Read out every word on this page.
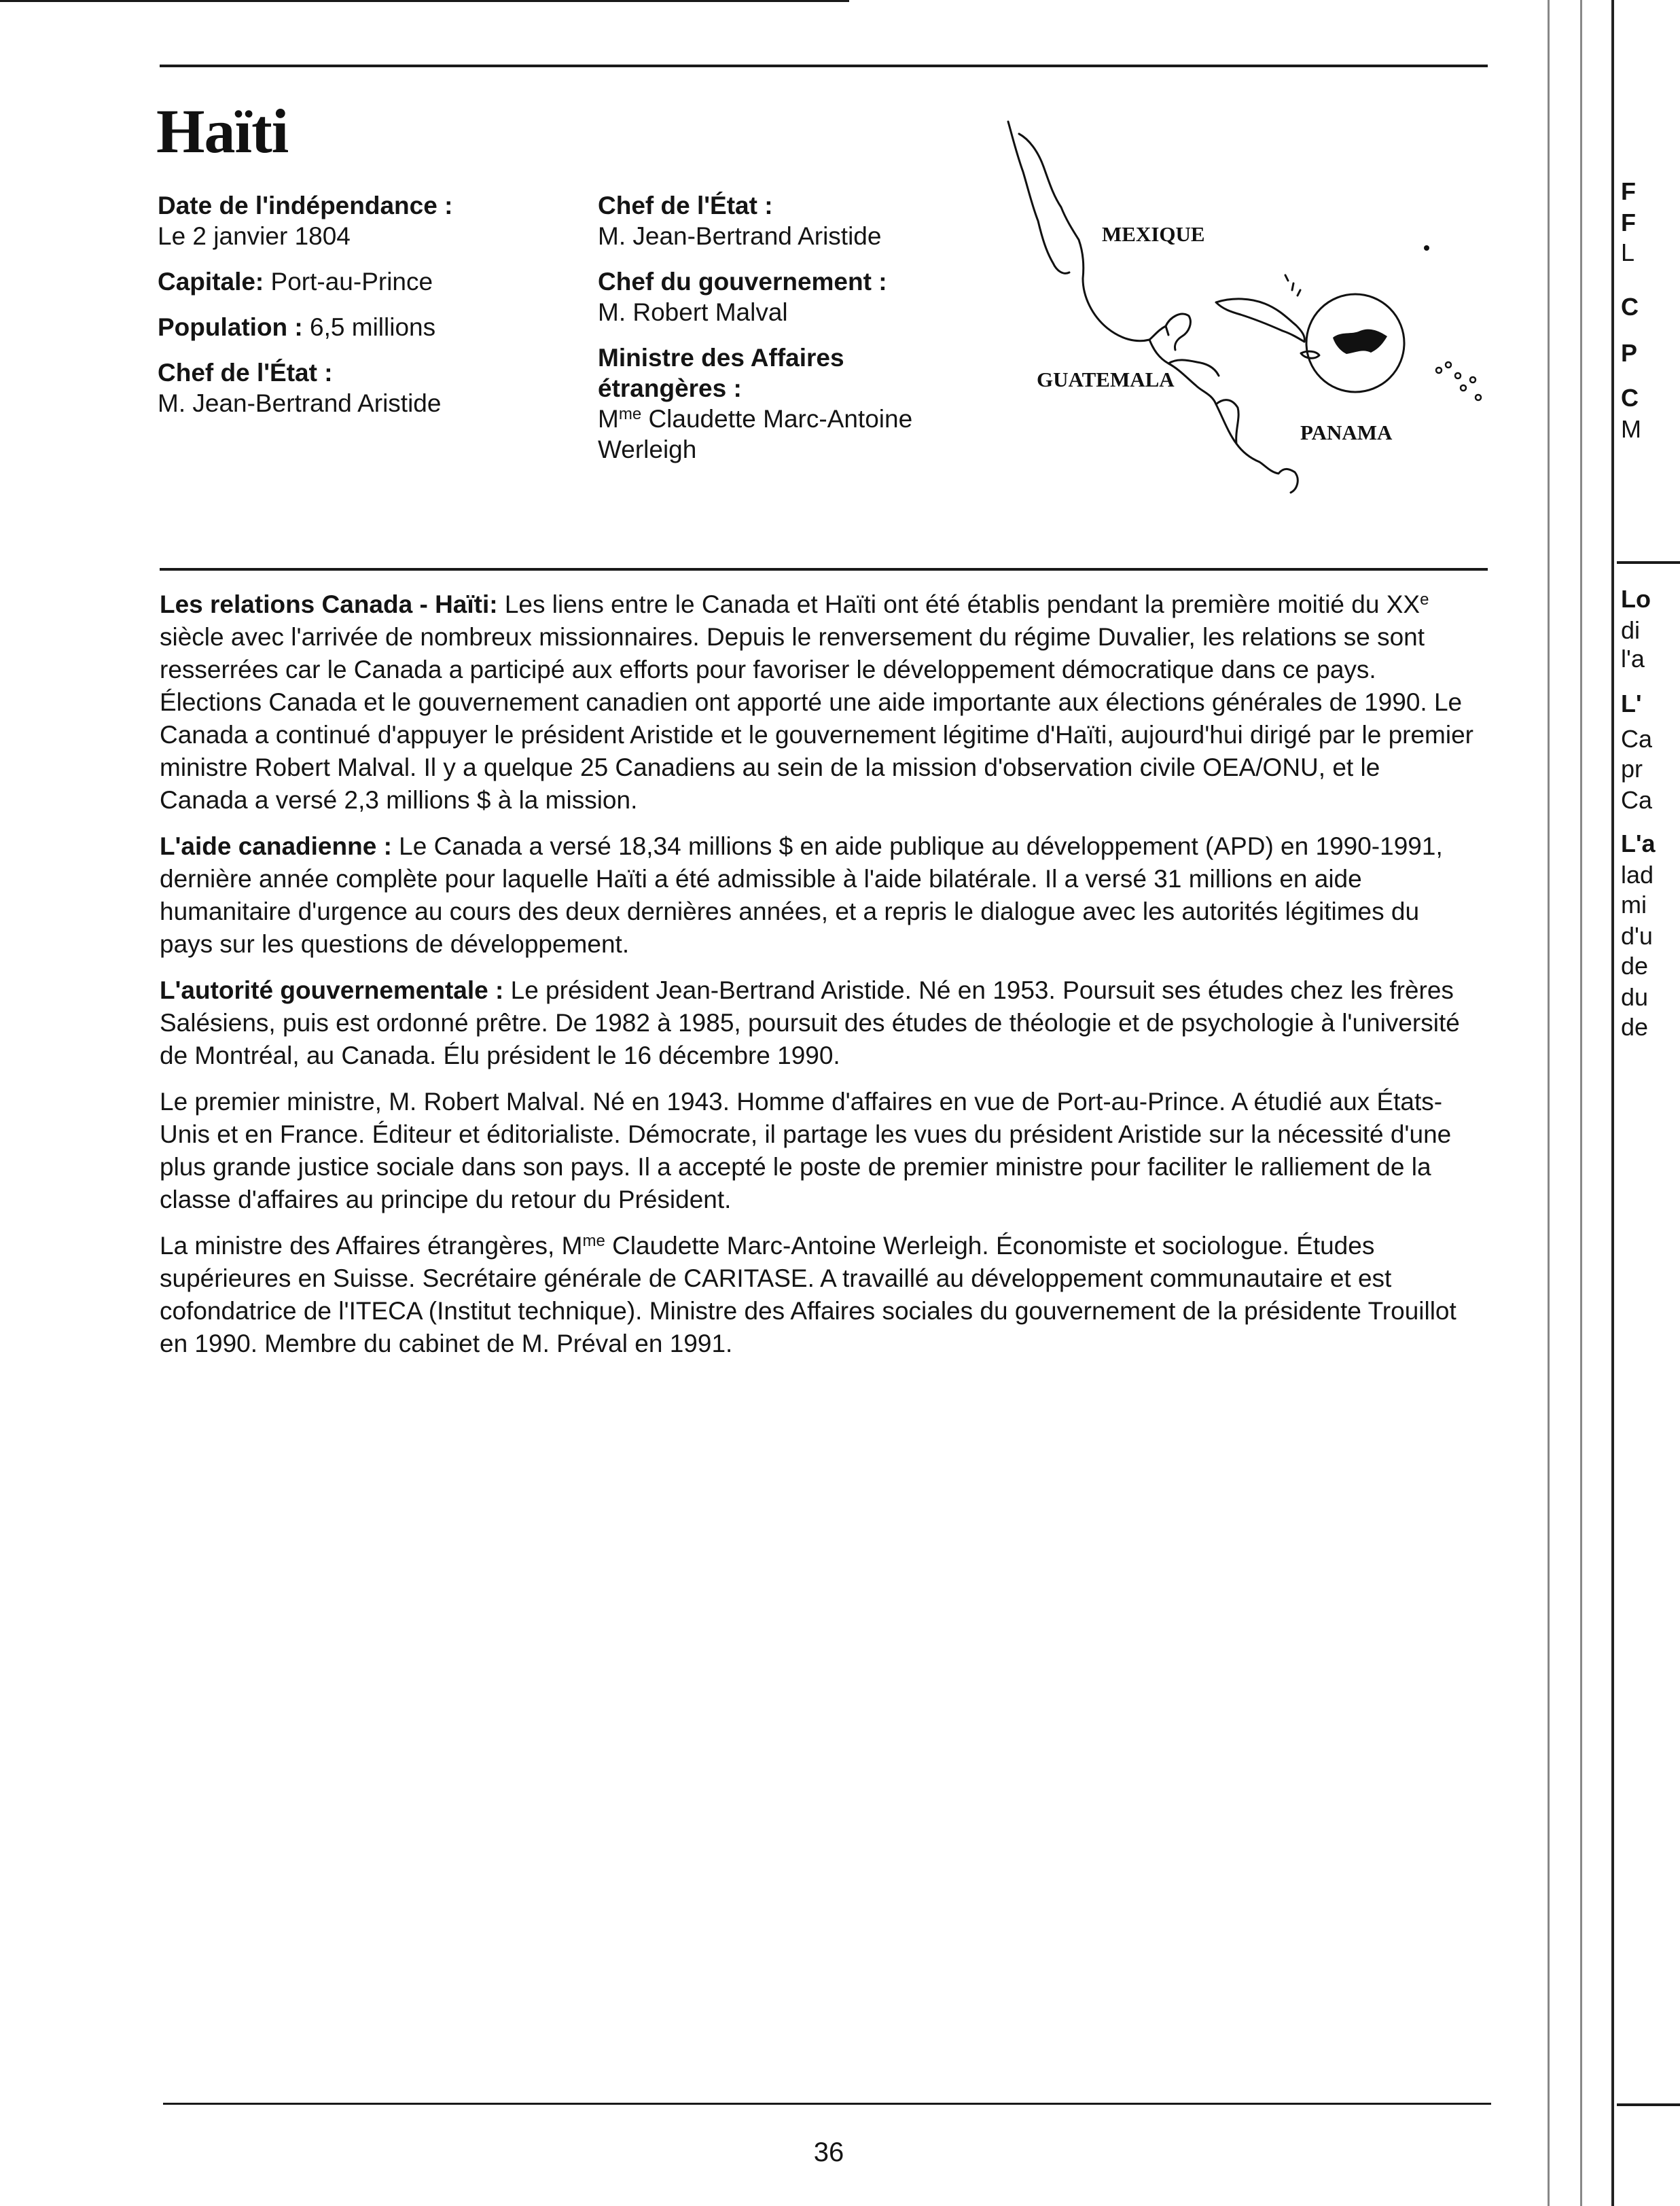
Haïti
Date de l'indépendance :
Le 2 janvier 1804
Capitale: Port-au-Prince
Population : 6,5 millions
Chef de l'État :
M. Jean-Bertrand Aristide
Chef de l'État :
M. Jean-Bertrand Aristide
Chef du gouvernement :
M. Robert Malval
Ministre des Affaires
étrangères :
$M^{me}$ Claudette Marc-Antoine
Werleigh
MEXIQUE
GUATEMALA
PANAMA

Les relations Canada - Haïti: Les liens entre le Canada et Haïti ont été établis pendant la première moitié du XXe siècle avec l'arrivée de nombreux missionnaires. Depuis le renversement du régime Duvalier, les relations se sont resserrées car le Canada a participé aux efforts pour favoriser le développement démocratique dans ce pays. Élections Canada et le gouvernement canadien ont apporté une aide importante aux élections générales de 1990. Le Canada a continué d'appuyer le président Aristide et le gouvernement légitime d'Haïti, aujourd'hui dirigé par le premier ministre Robert Malval. Il y a quelque 25 Canadiens au sein de la mission d'observation civile OEA/ONU, et le Canada a versé 2,3 millions $ à la mission.

L'aide canadienne : Le Canada a versé 18,34 millions $ en aide publique au développement (APD) en 1990-1991, dernière année complète pour laquelle Haïti a été admissible à l'aide bilatérale. Il a versé 31 millions en aide humanitaire d'urgence au cours des deux dernières années, et a repris le dialogue avec les autorités légitimes du pays sur les questions de développement.

L'autorité gouvernementale : Le président Jean-Bertrand Aristide. Né en 1953. Poursuit ses études chez les frères Salésiens, puis est ordonné prêtre. De 1982 à 1985, poursuit des études de théologie et de psychologie à l'université de Montréal, au Canada. Élu président le 16 décembre 1990.

Le premier ministre, M. Robert Malval. Né en 1943. Homme d'affaires en vue de Port-au-Prince. A étudié aux États-Unis et en France. Éditeur et éditorialiste. Démocrate, il partage les vues du président Aristide sur la nécessité d'une plus grande justice sociale dans son pays. Il a accepté le poste de premier ministre pour faciliter le ralliement de la classe d'affaires au principe du retour du Président.

La ministre des Affaires étrangères, $M^{me}$ Claudette Marc-Antoine Werleigh. Économiste et sociologue. Études supérieures en Suisse. Secrétaire générale de CARITASE. A travaillé au développement communautaire et est cofondatrice de l'ITECA (Institut technique). Ministre des Affaires sociales du gouvernement de la présidente Trouillot en 1990. Membre du cabinet de M. Préval en 1991.

36
F
F
L
C
P
C
M
Lo
di
l'a
L'
Ca
pr
Ca
L'a
lad
mi
d'u
de
du
de
